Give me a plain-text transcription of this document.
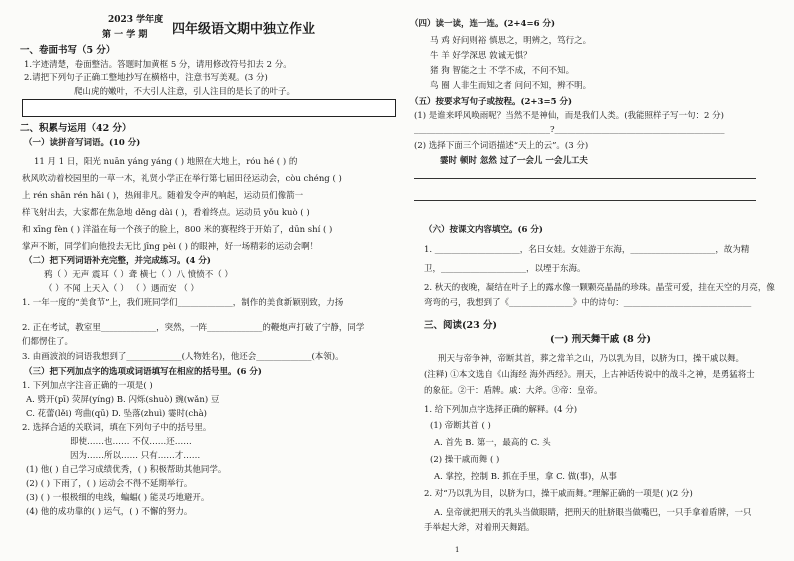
2023 学年度
第 一 学 期 四年级语文期中独立作业
一、卷面书写（5 分）
1.字迹清楚，卷面整洁。答题时加黄框 5 分，请用修改符号扣去 2 分。
2.请把下列句子正确工整地抄写在横格中，注意书写美观。(3 分)
爬山虎的嫩叶，不大引人注意，引人注目的是长了的叶子。
二、积累与运用（42 分）
（一）读拼音写词语。(10 分)
11 月 1 日，阳光 nuān yáng yáng ( ) 地照在大地上，róu hé ( ) 的
秋风吹动着校园里的一草一木，礼贤小学正在举行第七届田径运动会，còu chéng ( )
上 rén shān rén hǎi ( )，热闹非凡。随着发令声的响起，运动员们像箭一
样飞射出去，大家都在焦急地 děng dài ( )，看着终点。运动员 yǒu kuò ( )
和 xīng fèn ( ) 洋溢在每一个孩子的脸上，800 米的赛程终于开始了，dūn shí ( )
掌声不断，同学们向他投去无比 jīng pèi ( ) 的眼神，好一场精彩的运动会啊！
（二）把下列词语补充完整，并完成练习。(4 分)
鸦（ ）无声 震耳（ ）聋 横七（ ）八 愤愤不（ ）
（ ）不闻 上天入（ ） （ ）遇而安 （ ）
1. 一年一度的“美食节”上，我们班同学们_____________，制作的美食新颖别致，力扬
2. 正在考试，教室里_____________，突然，一阵_____________的鞭炮声打破了宁静，同学
们都愣住了。
3. 由画波浪的词语我想到了_____________(人物姓名)，他还会_____________(本领)。
（三）把下列加点字的选项或词语填写在相应的括号里。(6 分)
1. 下列加点字注音正确的一项是( )
A. 劈开(pī) 荧屏(yíng) B. 闪烁(shuò) 豌(wǎn) 豆
C. 花蕾(lěi) 弯曲(qū) D. 坠落(zhuì) 霎时(chà)
2. 选择合适的关联词，填在下列句子中的括号里。
即使……也…… 不仅……还……
因为……所以…… 只有……才……
(1) 他( ) 自己学习成绩优秀，( ) 积极帮助其他同学。
(2) ( ) 下雨了，( ) 运动会不得不延期举行。
(3) ( ) 一根极细的电线，蝙蝠( ) 能灵巧地避开。
(4) 他的成功靠的( ) 运气，( ) 不懈的努力。
（四）读一读，连一连。(2+4=6 分)
马 鸡 好问则裕 慎思之，明辨之，笃行之。
牛 羊 好学深思 敦诚无惧？
猪 狗 智能之士 不学不成，不问不知。
鸟 圈 人非生而知之者 问问不知，辨不明。
（五）按要求写句子或按程。(2+3=5 分)
(1) 是谁来呼风唤雨呢？当然不是神仙，而是我们人类。(我能照样子写一句：2 分)
________________________________?________________________________________
(2) 选择下面三个词语描述“天上的云”。(3 分)
霎时 顿时 忽然 过了一会儿 一会儿工夫
（六）按课文内容填空。(6 分)
1. ____________________，名曰女娃。女娃游于东海，____________________，故为精
卫，____________________，以堙于东海。
2. 秋天的夜晚，凝结在叶子上的露水像一颗颗亮晶晶的珍珠。晶莹可爱，挂在天空的月亮，像
弯弯的弓，我想到了《_______________》中的诗句：______________________________
三、阅读(23 分)
(一) 刑天舞干戚 (8 分)
刑天与帝争神，帝断其首，葬之常羊之山，乃以乳为目，以脐为口，操干戚以舞。
(注释) ①本文选自《山海经 海外西经》。刑天，上古神话传说中的战斗之神，是勇猛将士
的象征。②干：盾牌。戚：大斧。③帝：皇帝。
1. 给下列加点字选择正确的解释。(4 分)
(1) 帝断其首 ( )
A. 首先 B. 第一，最高的 C. 头
(2) 操干戚而舞 ( )
A. 掌控，控制 B. 抓在手里，拿 C. 做(事)，从事
2. 对“乃以乳为目，以脐为口，操干戚而舞。”理解正确的一项是( )(2 分)
A. 皇帝就把刑天的乳头当做眼睛，把刑天的肚脐眼当做嘴巴，一只手拿着盾牌，一只
手举起大斧，对着刑天舞蹈。
1
